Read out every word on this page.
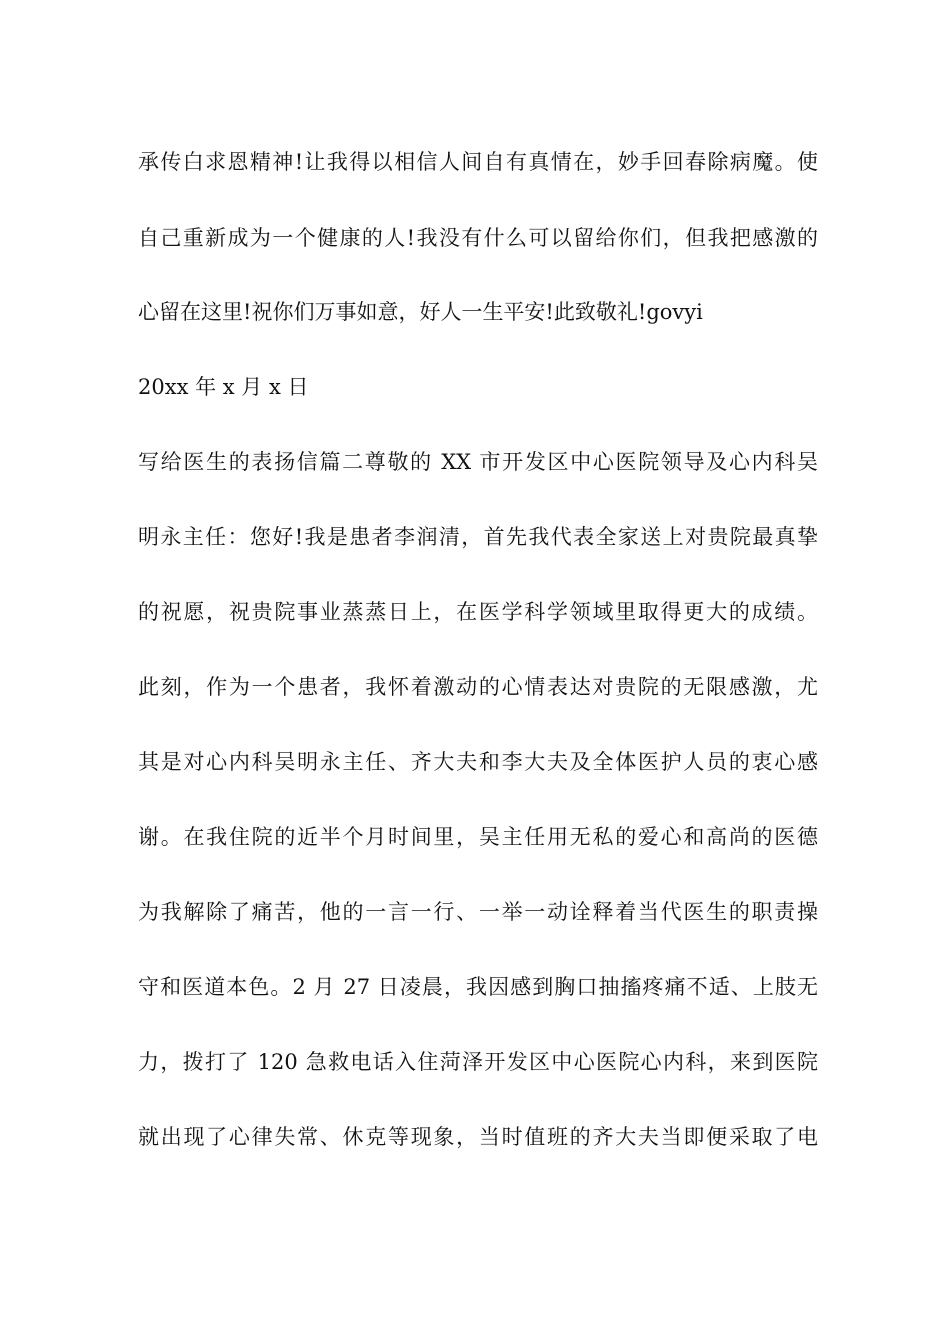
承传白求恩精神!让我得以相信人间自有真情在，妙手回春除病魔。使
自己重新成为一个健康的人!我没有什么可以留给你们，但我把感激的
心留在这里!祝你们万事如意，好人一生平安!此致敬礼!govyi
20xx 年 x 月 x 日
写给医生的表扬信篇二尊敬的 XX 市开发区中心医院领导及心内科吴
明永主任：您好!我是患者李润清，首先我代表全家送上对贵院最真挚
的祝愿，祝贵院事业蒸蒸日上，在医学科学领域里取得更大的成绩。
此刻，作为一个患者，我怀着激动的心情表达对贵院的无限感激，尤
其是对心内科吴明永主任、齐大夫和李大夫及全体医护人员的衷心感
谢。在我住院的近半个月时间里，吴主任用无私的爱心和高尚的医德
为我解除了痛苦，他的一言一行、一举一动诠释着当代医生的职责操
守和医道本色。2 月 27 日凌晨，我因感到胸口抽搐疼痛不适、上肢无
力，拨打了 120 急救电话入住菏泽开发区中心医院心内科，来到医院
就出现了心律失常、休克等现象，当时值班的齐大夫当即便采取了电
